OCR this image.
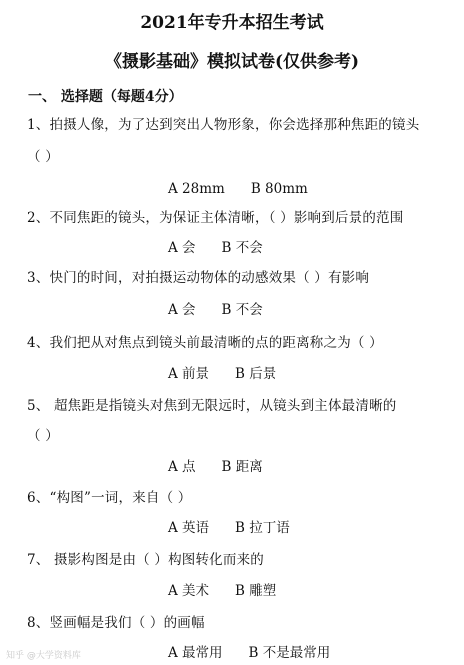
2021年专升本招生考试
《摄影基础》模拟试卷(仅供参考)
一、 选择题（每题4分）
1、拍摄人像，为了达到突出人物形象，你会选择那种焦距的镜头
（ ）
A 28mm B 80mm
2、不同焦距的镜头，为保证主体清晰，（ ）影响到后景的范围
A 会 B 不会
3、快门的时间，对拍摄运动物体的动感效果（ ）有影响
A 会 B 不会
4、我们把从对焦点到镜头前最清晰的点的距离称之为（ ）
A 前景 B 后景
5、 超焦距是指镜头对焦到无限远时，从镜头到主体最清晰的
（ ）
A 点 B 距离
6、“构图”一词，来自（ ）
A 英语 B 拉丁语
7、 摄影构图是由（ ）构图转化而来的
A 美术 B 雕塑
8、竖画幅是我们（ ）的画幅
A 最常用 B 不是最常用
知乎 @大学资料库
